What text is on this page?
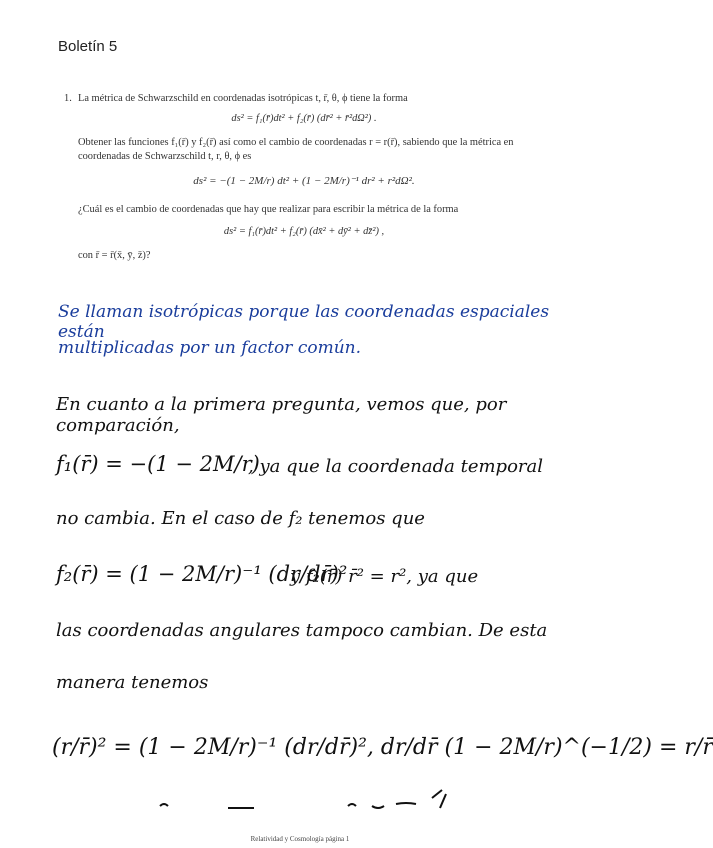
Boletín 5
1. La métrica de Schwarzschild en coordenadas isotrópicas t, r̄, θ, ϕ tiene la forma

ds² = f₁(r̄)dt² + f₂(r̄) (dr̄² + r̄²dΩ²) .

Obtener las funciones f₁(r̄) y f₂(r̄) así como el cambio de coordenadas r = r(r̄), sabiendo que la métrica en coordenadas de Schwarzschild t, r, θ, ϕ es

ds² = −(1 − 2M/r) dt² + (1 − 2M/r)⁻¹ dr² + r²dΩ².

¿Cuál es el cambio de coordenadas que hay que realizar para escribir la métrica de la forma

ds² = f₁(r̄)dt² + f₂(r̄) (dx̄² + dȳ² + dz̄²) ,

con r̄ = r̄(x̄, ȳ, z̄)?

Se llaman isotrópicas porque las coordenadas espaciales están
multiplicadas por un factor común.
En cuanto a la primera pregunta, vemos que, por comparación,
f₁(r̄) = −(1 − 2M/r)
, ya que la coordenada temporal
no cambia. En el caso de f₂ tenemos que
f₂(r̄) = (1 − 2M/r)⁻¹ (dr/dr̄)²
y f₂(r̄) r̄² = r², ya que
las coordenadas angulares tampoco cambian. De esta
manera tenemos
(r/r̄)² = (1 − 2M/r)⁻¹ (dr/dr̄)², dr/dr̄ (1 − 2M/r)^(−1/2) = r/r̄
Relatividad y Cosmología página 1
